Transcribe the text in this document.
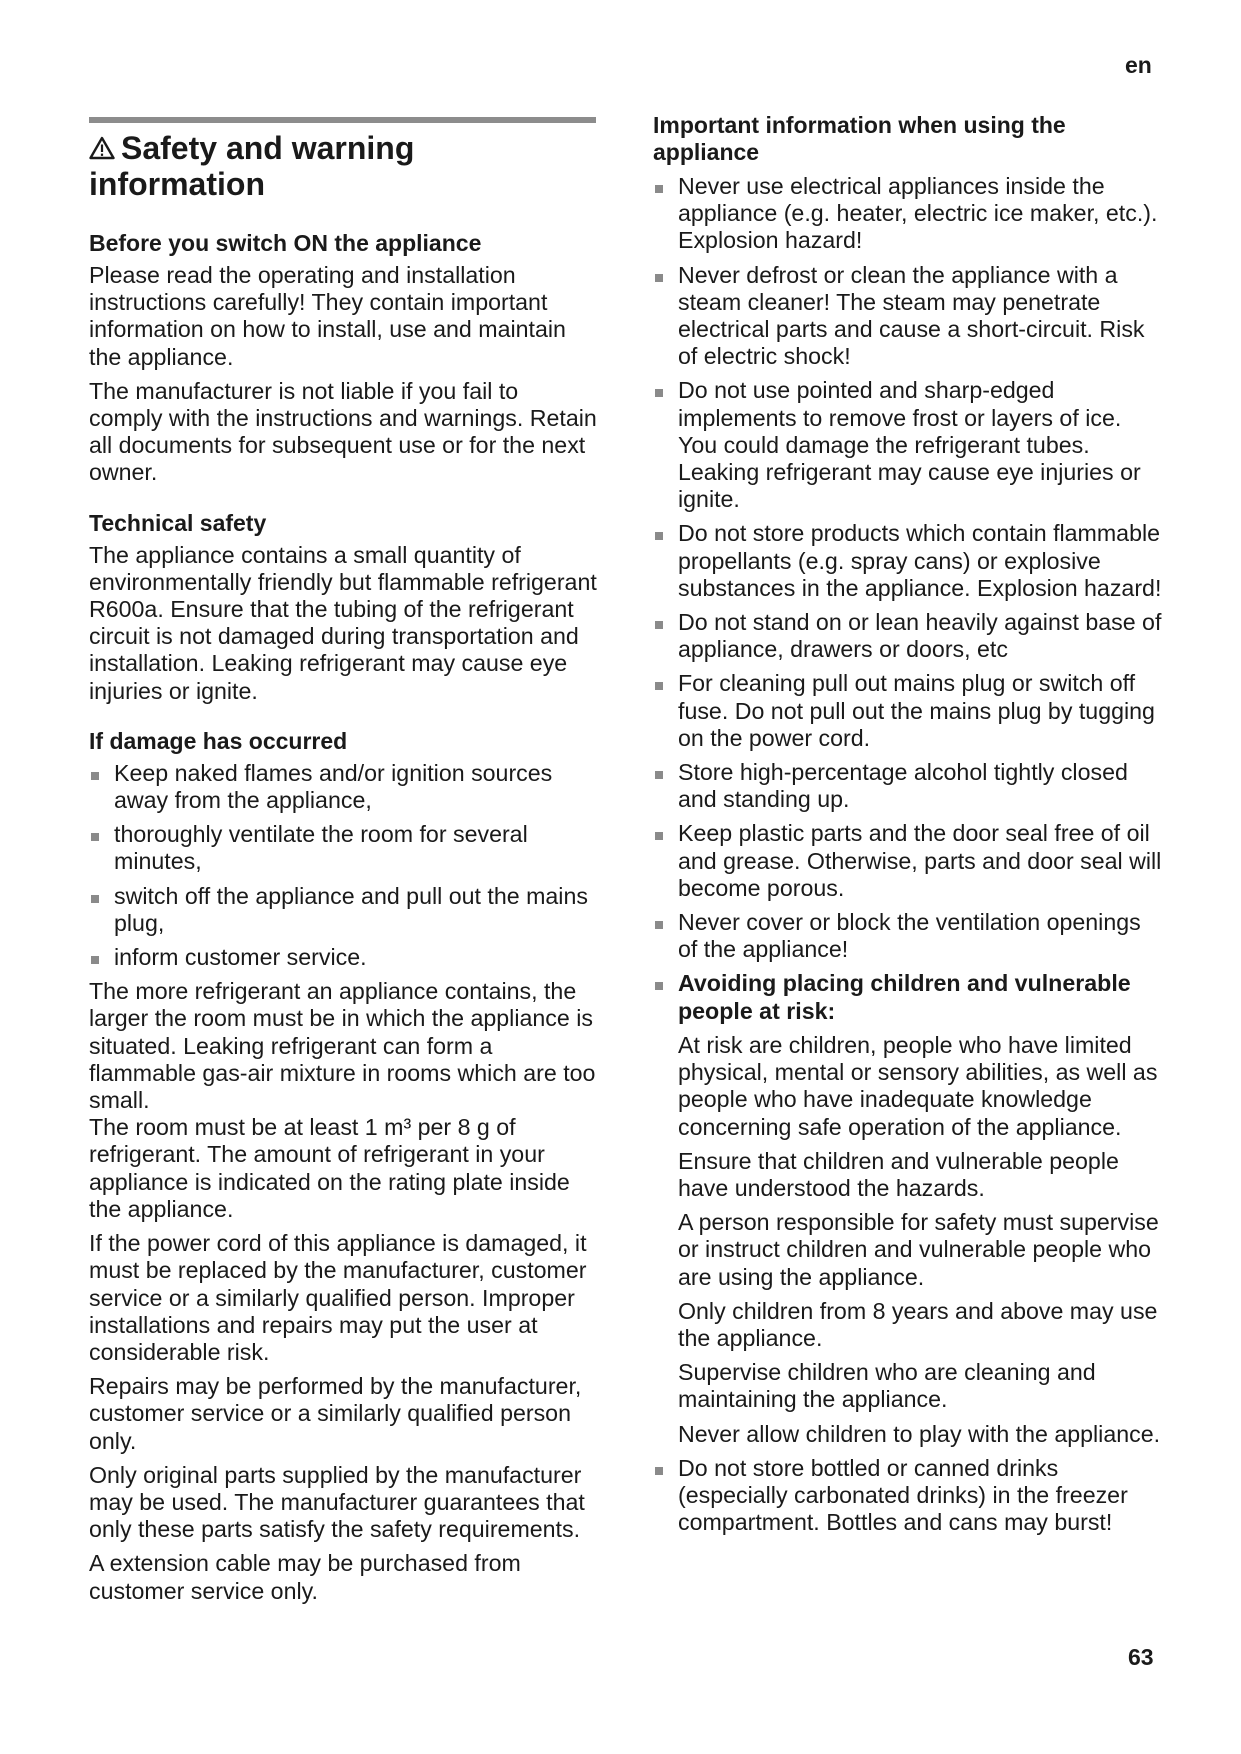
en
Safety and warning
information
Before you switch ON the appliance

Please read the operating and installation instructions carefully! They contain important information on how to install, use and maintain the appliance.

The manufacturer is not liable if you fail to comply with the instructions and warnings. Retain all documents for subsequent use or for the next owner.

Technical safety

The appliance contains a small quantity of environmentally friendly but flammable refrigerant R600a. Ensure that the tubing of the refrigerant circuit is not damaged during transportation and installation. Leaking refrigerant may cause eye injuries or ignite.

If damage has occurred
Keep naked flames and/or ignition sources away from the appliance,
thoroughly ventilate the room for several minutes,
switch off the appliance and pull out the mains plug,
inform customer service.

The more refrigerant an appliance contains, the larger the room must be in which the appliance is situated. Leaking refrigerant can form a flammable gas-air mixture in rooms which are too small.

The room must be at least 1 m³ per 8 g of refrigerant. The amount of refrigerant in your appliance is indicated on the rating plate inside the appliance.

If the power cord of this appliance is damaged, it must be replaced by the manufacturer, customer service or a similarly qualified person. Improper installations and repairs may put the user at considerable risk.

Repairs may be performed by the manufacturer, customer service or a similarly qualified person only.

Only original parts supplied by the manufacturer may be used. The manufacturer guarantees that only these parts satisfy the safety requirements.

A extension cable may be purchased from customer service only.

Important information when using the appliance
Never use electrical appliances inside the appliance (e.g. heater, electric ice maker, etc.). Explosion hazard!
Never defrost or clean the appliance with a steam cleaner! The steam may penetrate electrical parts and cause a short-circuit. Risk of electric shock!
Do not use pointed and sharp-edged implements to remove frost or layers of ice. You could damage the refrigerant tubes. Leaking refrigerant may cause eye injuries or ignite.
Do not store products which contain flammable propellants (e.g. spray cans) or explosive substances in the appliance. Explosion hazard!
Do not stand on or lean heavily against base of appliance, drawers or doors, etc
For cleaning pull out mains plug or switch off fuse. Do not pull out the mains plug by tugging on the power cord.
Store high-percentage alcohol tightly closed and standing up.
Keep plastic parts and the door seal free of oil and grease. Otherwise, parts and door seal will become porous.
Never cover or block the ventilation openings of the appliance!
Avoiding placing children and vulnerable people at risk:
At risk are children, people who have limited physical, mental or sensory abilities, as well as people who have inadequate knowledge concerning safe operation of the appliance.
Ensure that children and vulnerable people have understood the hazards.
A person responsible for safety must supervise or instruct children and vulnerable people who are using the appliance.
Only children from 8 years and above may use the appliance.
Supervise children who are cleaning and maintaining the appliance.
Never allow children to play with the appliance.
Do not store bottled or canned drinks (especially carbonated drinks) in the freezer compartment. Bottles and cans may burst!
63
